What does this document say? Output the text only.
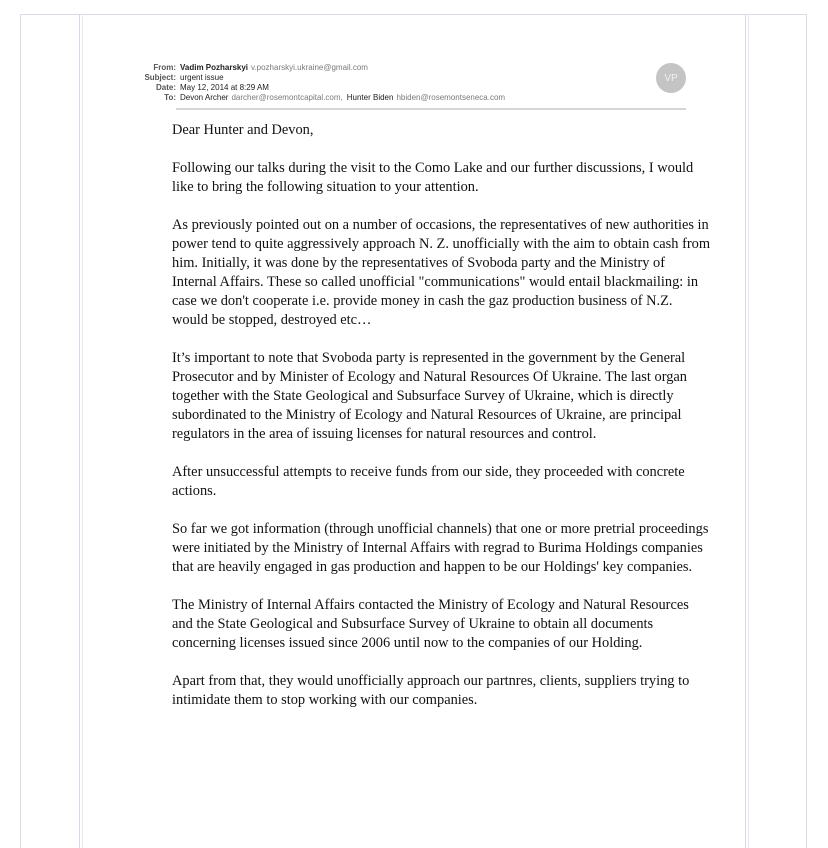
From: Vadim Pozharskyi v.pozharskyi.ukraine@gmail.com
Subject: urgent issue
Date: May 12, 2014 at 8:29 AM
To: Devon Archer darcher@rosemontcapital.com, Hunter Biden hbiden@rosemontseneca.com
VP

Dear Hunter and Devon,

Following our talks during the visit to the Como Lake and our further discussions, I would like to bring the following situation to your attention.

As previously pointed out on a number of occasions, the representatives of new authorities in power tend to quite aggressively approach N. Z. unofficially with the aim to obtain cash from him. Initially, it was done by the representatives of Svoboda party and the Ministry of Internal Affairs. These so called unofficial "communications" would entail blackmailing: in case we don't cooperate i.e. provide money in cash the gaz production business of N.Z. would be stopped, destroyed etc…

It’s important to note that Svoboda party is represented in the government by the General Prosecutor and by Minister of Ecology and Natural Resources Of Ukraine. The last organ together with the State Geological and Subsurface Survey of Ukraine, which is directly subordinated to the Ministry of Ecology and Natural Resources of Ukraine, are principal regulators in the area of issuing licenses for natural resources and control.

After unsuccessful attempts to receive funds from our side, they proceeded with concrete actions.

So far we got information (through unofficial channels) that one or more pretrial proceedings were initiated by the Ministry of Internal Affairs with regrad to Burima Holdings companies that are heavily engaged in gas production and happen to be our Holdings' key companies.

The Ministry of Internal Affairs contacted the Ministry of Ecology and Natural Resources and the State Geological and Subsurface Survey of Ukraine to obtain all documents concerning licenses issued since 2006 until now to the companies of our Holding.

Apart from that, they would unofficially approach our partnres, clients, suppliers trying to intimidate them to stop working with our companies.
